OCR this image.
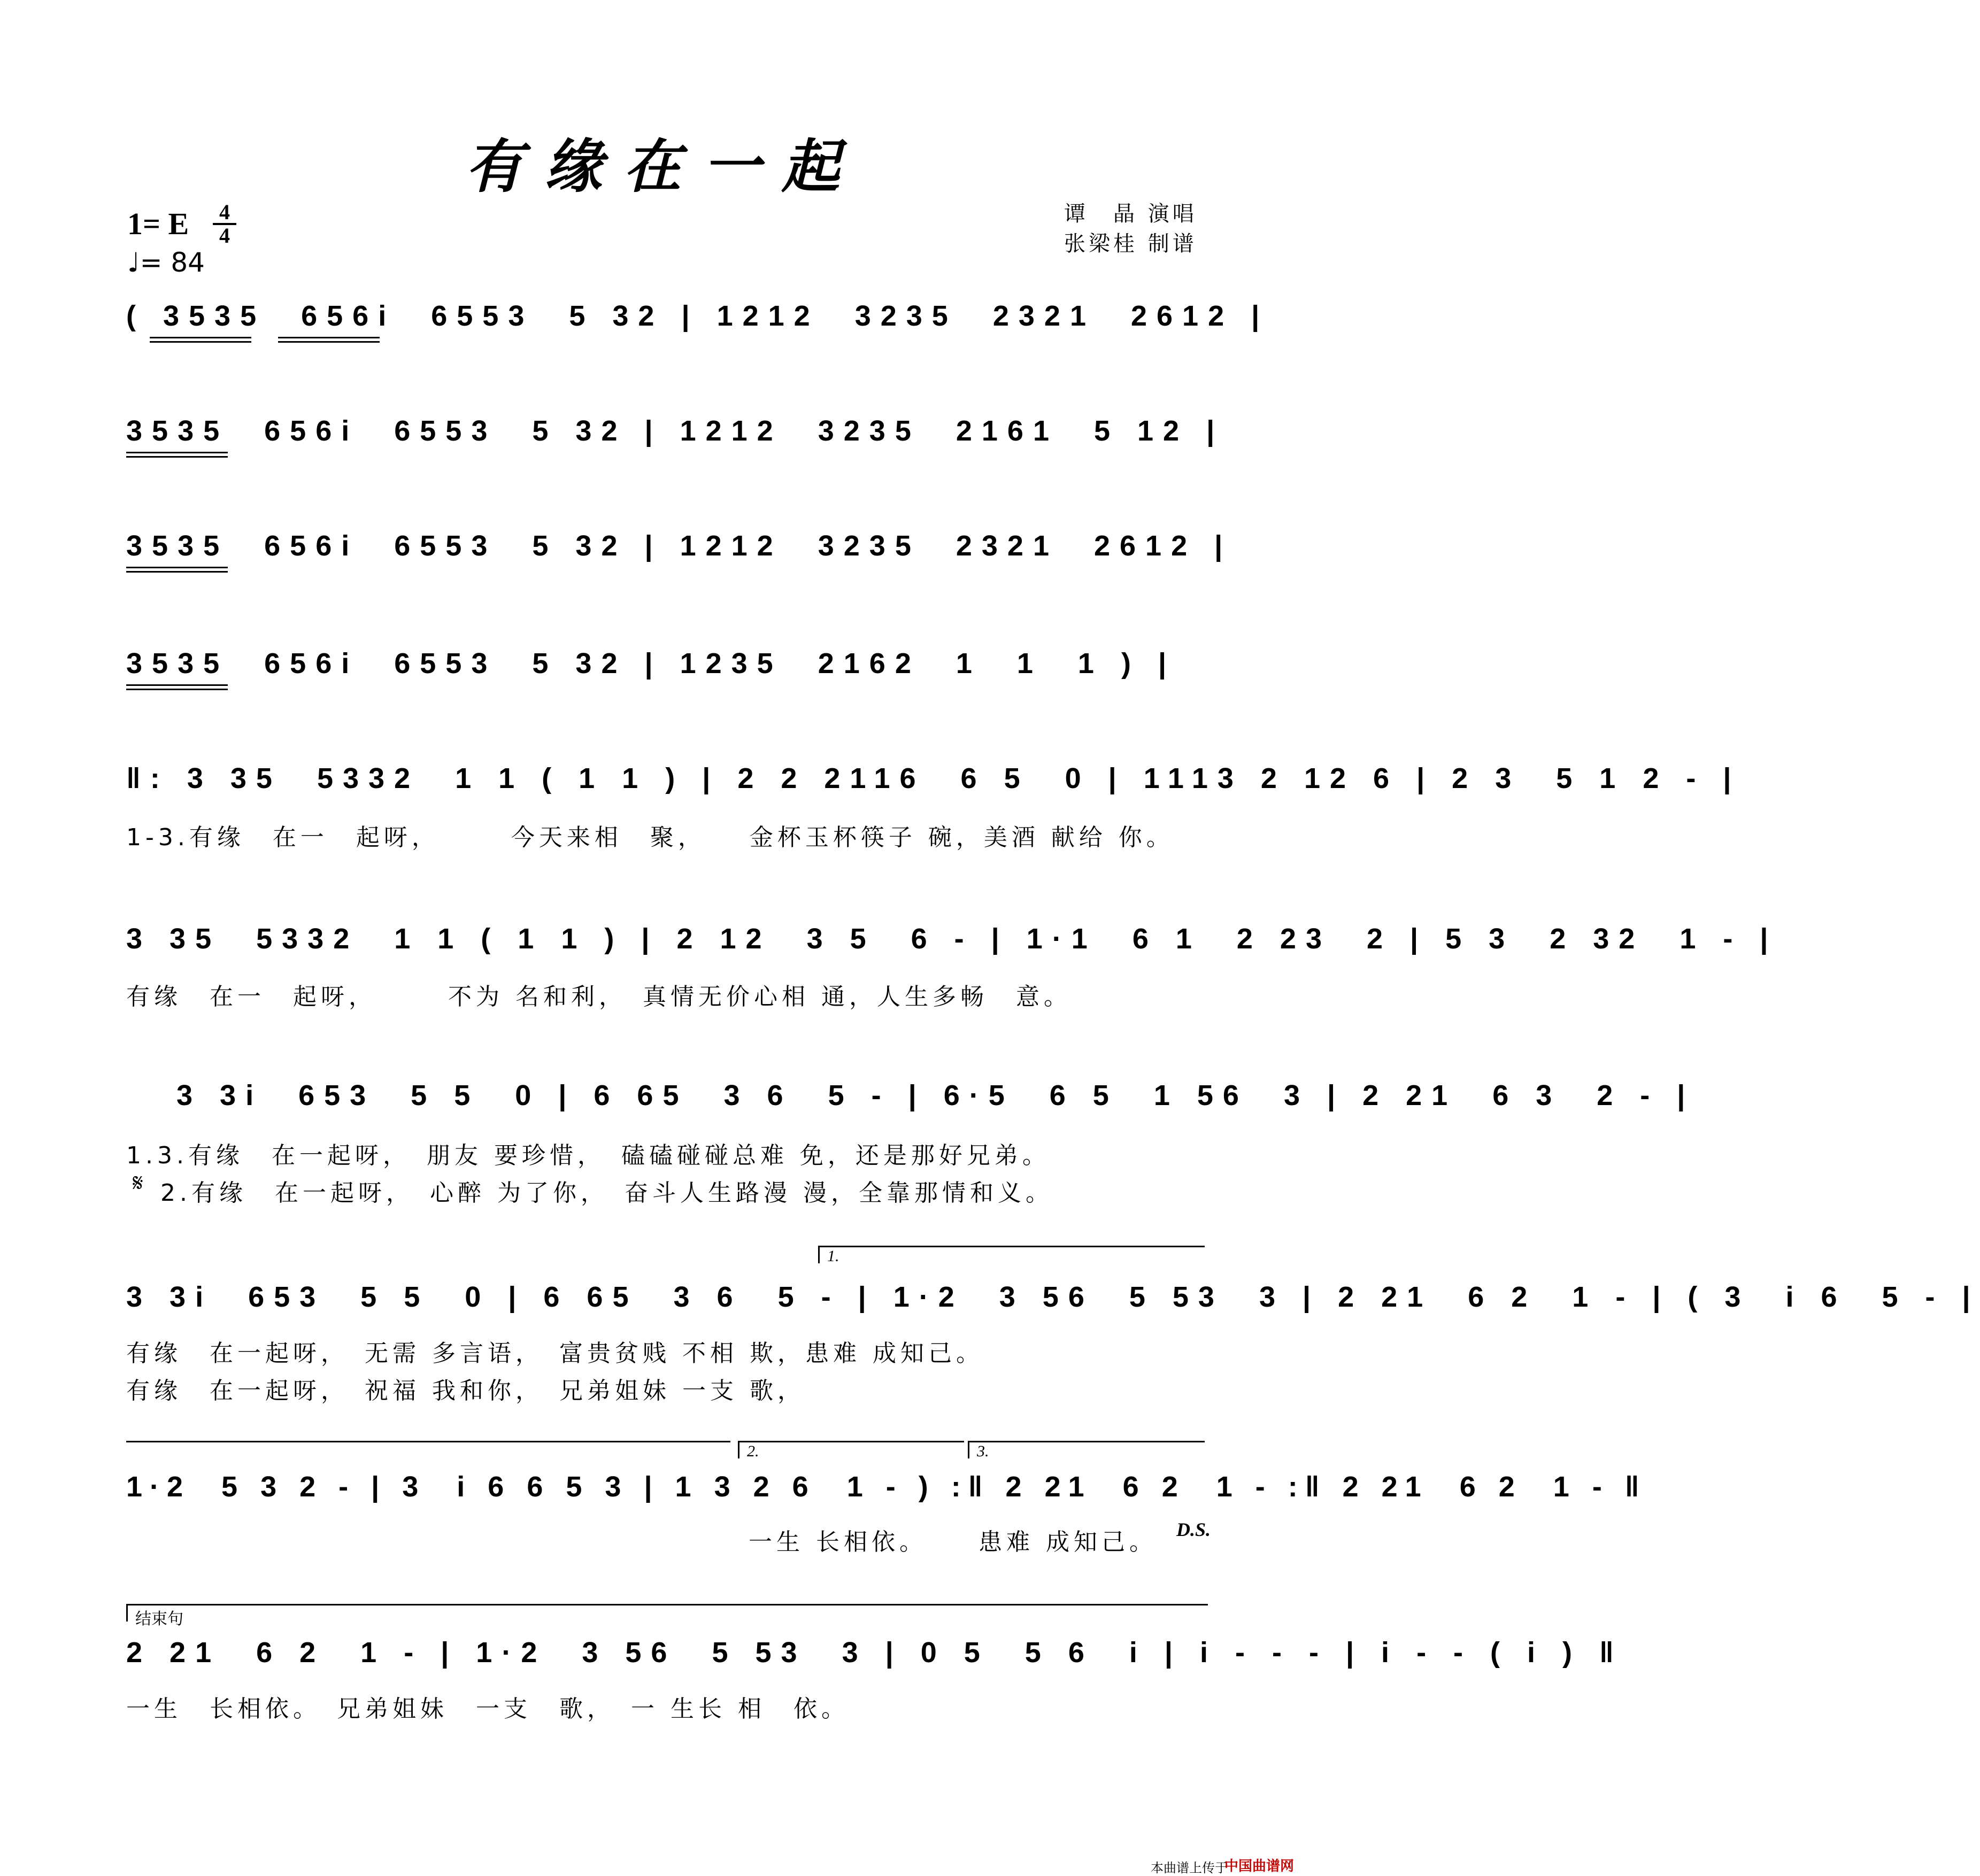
有缘在一起
1= E	4
4
♩= 84
谭　晶 演唱
张梁桂 制谱
( 3535  656i  6553  5 32 | 1212  3235  2321  2612 |
3535  656i  6553  5 32 | 1212  3235  2161  5 12 |
3535  656i  6553  5 32 | 1212  3235  2321  2612 |
3535  656i  6553  5 32 | 1235  2162  1  1  1 ) |
‖: 3 35  5332  1 1 ( 1 1 ) | 2 2 2116  6 5  0 | 1113 2 12 6 | 2 3  5 1 2 - |
1-3.有缘　在一　起呀，　　　今天来相　聚，　　金杯玉杯筷子 碗，美酒 献给 你。
3 35  5332  1 1 ( 1 1 ) | 2 12  3 5  6 - | 1·1  6 1  2 23  2 | 5 3  2 32  1 - |
有缘　在一　起呀，　　　不为 名和利，　真情无价心相 通，人生多畅　意。
3 3i  653  5 5  0 | 6 65  3 6  5 - | 6·5  6 5  1 56  3 | 2 21  6 3  2 - |
1.3.有缘　在一起呀，　朋友 要珍惜，　磕磕碰碰总难 免，还是那好兄弟。
𝄋 2.有缘　在一起呀，　心醉 为了你，　奋斗人生路漫 漫，全靠那情和义。
1.
3 3i  653  5 5  0 | 6 65  3 6  5 - | 1·2  3 56  5 53  3 | 2 21  6 2  1 - | ( 3  i 6  5 - |
有缘　在一起呀，　无需 多言语，　富贵贫贱 不相 欺，患难 成知己。
有缘　在一起呀，　祝福 我和你，　兄弟姐妹 一支 歌，
2.	3.
1·2  5 3 2 - | 3  i 6 6 5 3 | 1 3 2 6  1 - ) :‖ 2 21  6 2  1 - :‖ 2 21  6 2  1 - ‖
一生 长相依。 患难 成知己。 D.S.
结束句
2 21  6 2  1 - | 1·2  3 56  5 53  3 | 0 5  5 6  i | i - - - | i - - ( i ) ‖
一生　长相依。　兄弟姐妹　一支　歌，　一 生长 相　依。
本曲谱上传于
中国曲谱网
